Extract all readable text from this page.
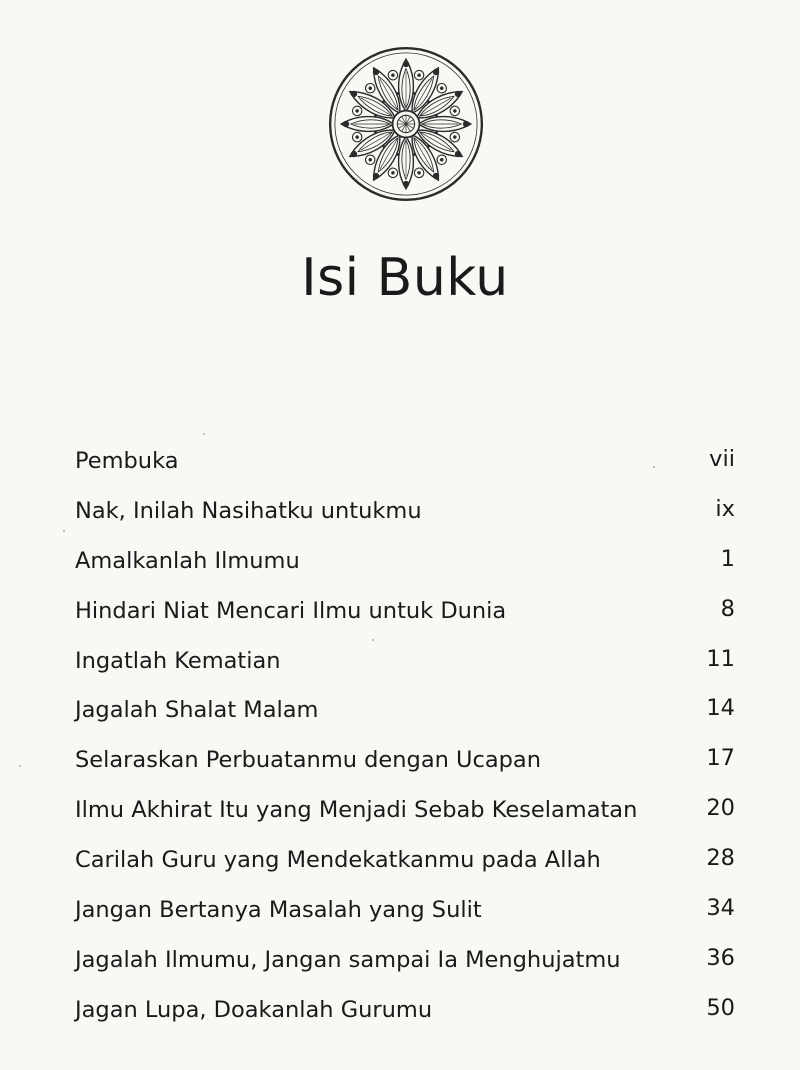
Isi Buku
Pembuka	vii
Nak, Inilah Nasihatku untukmu	ix
Amalkanlah Ilmumu	1
Hindari Niat Mencari Ilmu untuk Dunia	8
Ingatlah Kematian	11
Jagalah Shalat Malam	14
Selaraskan Perbuatanmu dengan Ucapan	17
Ilmu Akhirat Itu yang Menjadi Sebab Keselamatan	20
Carilah Guru yang Mendekatkanmu pada Allah	28
Jangan Bertanya Masalah yang Sulit	34
Jagalah Ilmumu, Jangan sampai Ia Menghujatmu	36
Jagan Lupa, Doakanlah Gurumu	50
